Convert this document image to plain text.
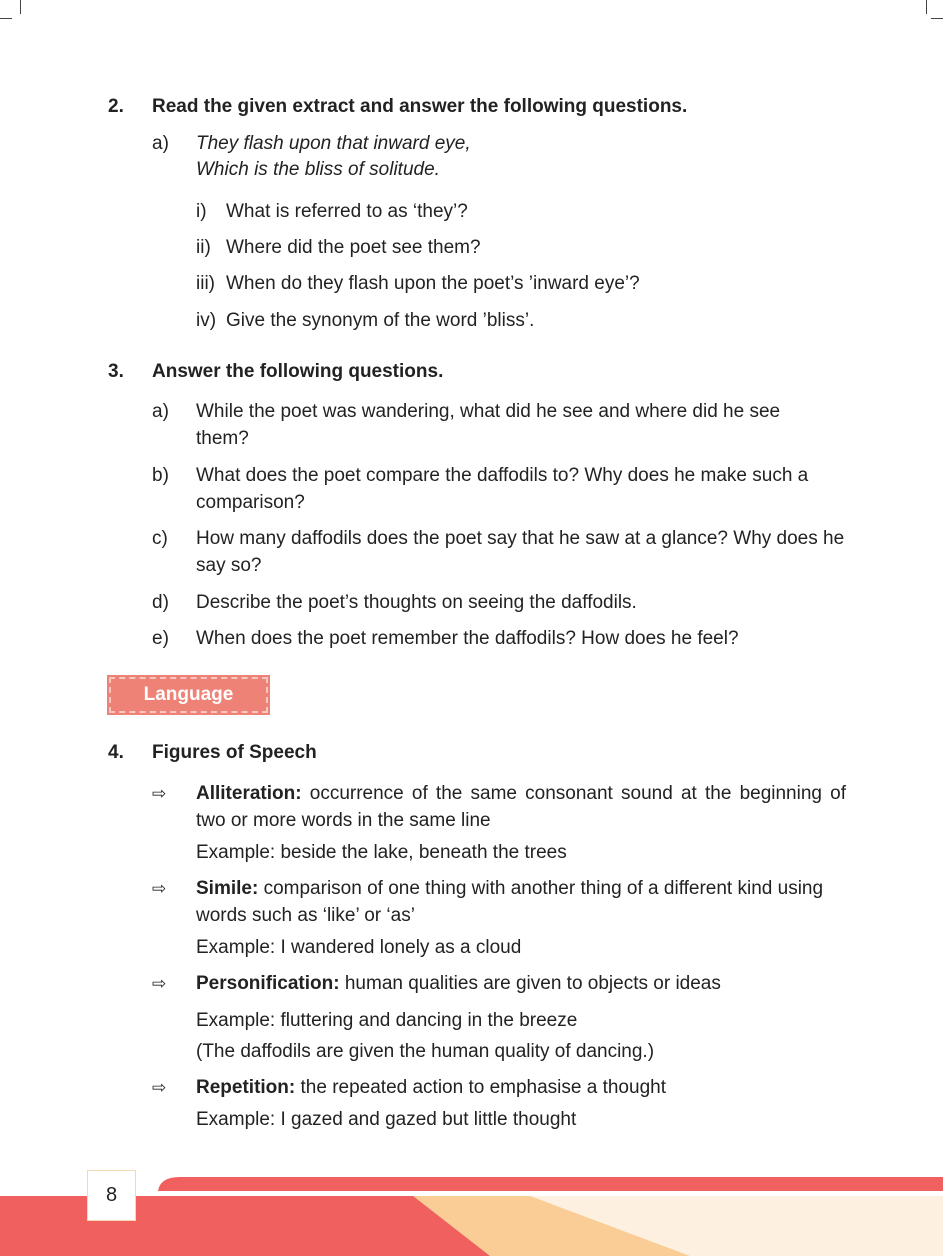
2. Read the given extract and answer the following questions.
a) They flash upon that inward eye,
Which is the bliss of solitude.
i) What is referred to as ‘they’?
ii) Where did the poet see them?
iii) When do they flash upon the poet’s ’inward eye’?
iv) Give the synonym of the word ’bliss’.
3. Answer the following questions.
a) While the poet was wandering, what did he see and where did he see them?
b) What does the poet compare the daffodils to? Why does he make such a comparison?
c) How many daffodils does the poet say that he saw at a glance? Why does he say so?
d) Describe the poet’s thoughts on seeing the daffodils.
e) When does the poet remember the daffodils? How does he feel?
Language
4. Figures of Speech
⇨ Alliteration: occurrence of the same consonant sound at the beginning of two or more words in the same line
Example: beside the lake, beneath the trees
⇨ Simile: comparison of one thing with another thing of a different kind using words such as ‘like’ or ‘as’
Example: I wandered lonely as a cloud
⇨ Personification: human qualities are given to objects or ideas
Example: fluttering and dancing in the breeze
(The daffodils are given the human quality of dancing.)
⇨ Repetition: the repeated action to emphasise a thought
Example: I gazed and gazed but little thought
8
